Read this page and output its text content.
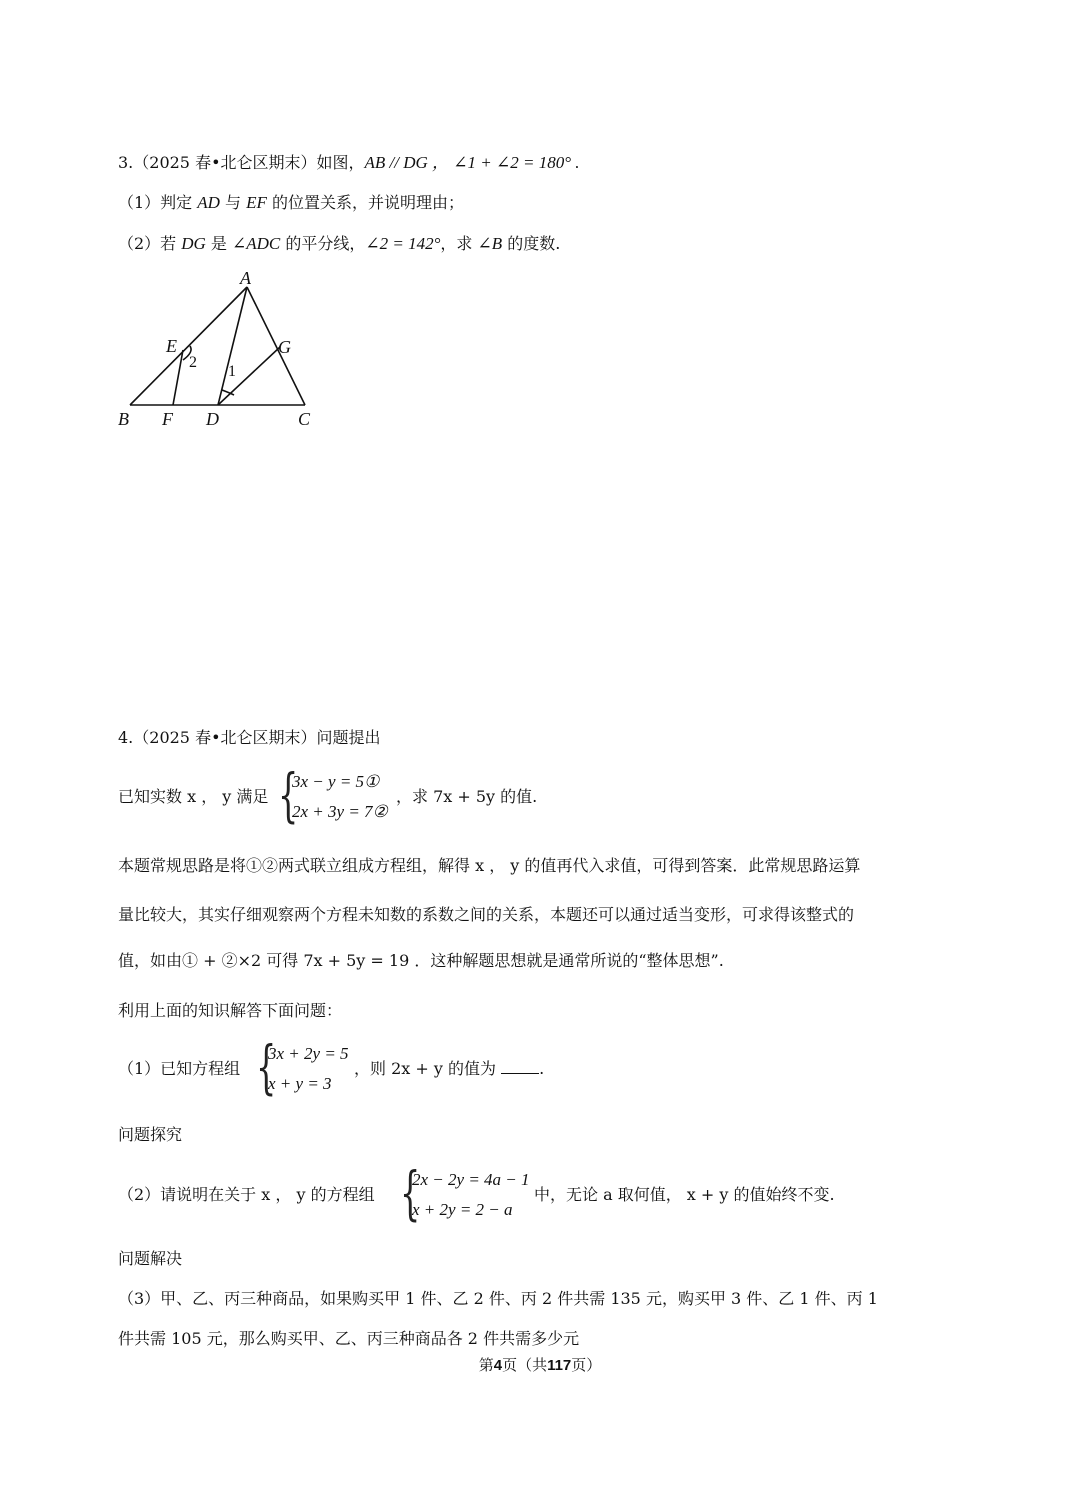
3.（2025 春•北仑区期末）如图，AB // DG ， ∠1 + ∠2 = 180° .
（1）判定 AD 与 EF 的位置关系，并说明理由；
（2）若 DG 是 ∠ADC 的平分线，∠2 = 142°，求 ∠B 的度数.
A
E	G
B F D	C
1
2
4.（2025 春•北仑区期末）问题提出
已知实数 x ， y 满足 {
3x − y = 5①
2x + 3y = 7②
，求 7x + 5y 的值.
本题常规思路是将①②两式联立组成方程组，解得 x ， y 的值再代入求值，可得到答案．此常规思路运算
量比较大，其实仔细观察两个方程未知数的系数之间的关系，本题还可以通过适当变形，可求得该整式的
值，如由① + ②×2 可得 7x + 5y = 19 ．这种解题思想就是通常所说的“整体思想”.
利用上面的知识解答下面问题：
（1）已知方程组 {
3x + 2y = 5
x + y = 3
，则 2x + y 的值为 .
问题探究
（2）请说明在关于 x ， y 的方程组 {
2x − 2y = 4a − 1
x + 2y = 2 − a
中，无论 a 取何值， x + y 的值始终不变.
问题解决
（3）甲、乙、丙三种商品，如果购买甲 1 件、乙 2 件、丙 2 件共需 135 元，购买甲 3 件、乙 1 件、丙 1
件共需 105 元，那么购买甲、乙、丙三种商品各 2 件共需多少元
第4页（共117页）
